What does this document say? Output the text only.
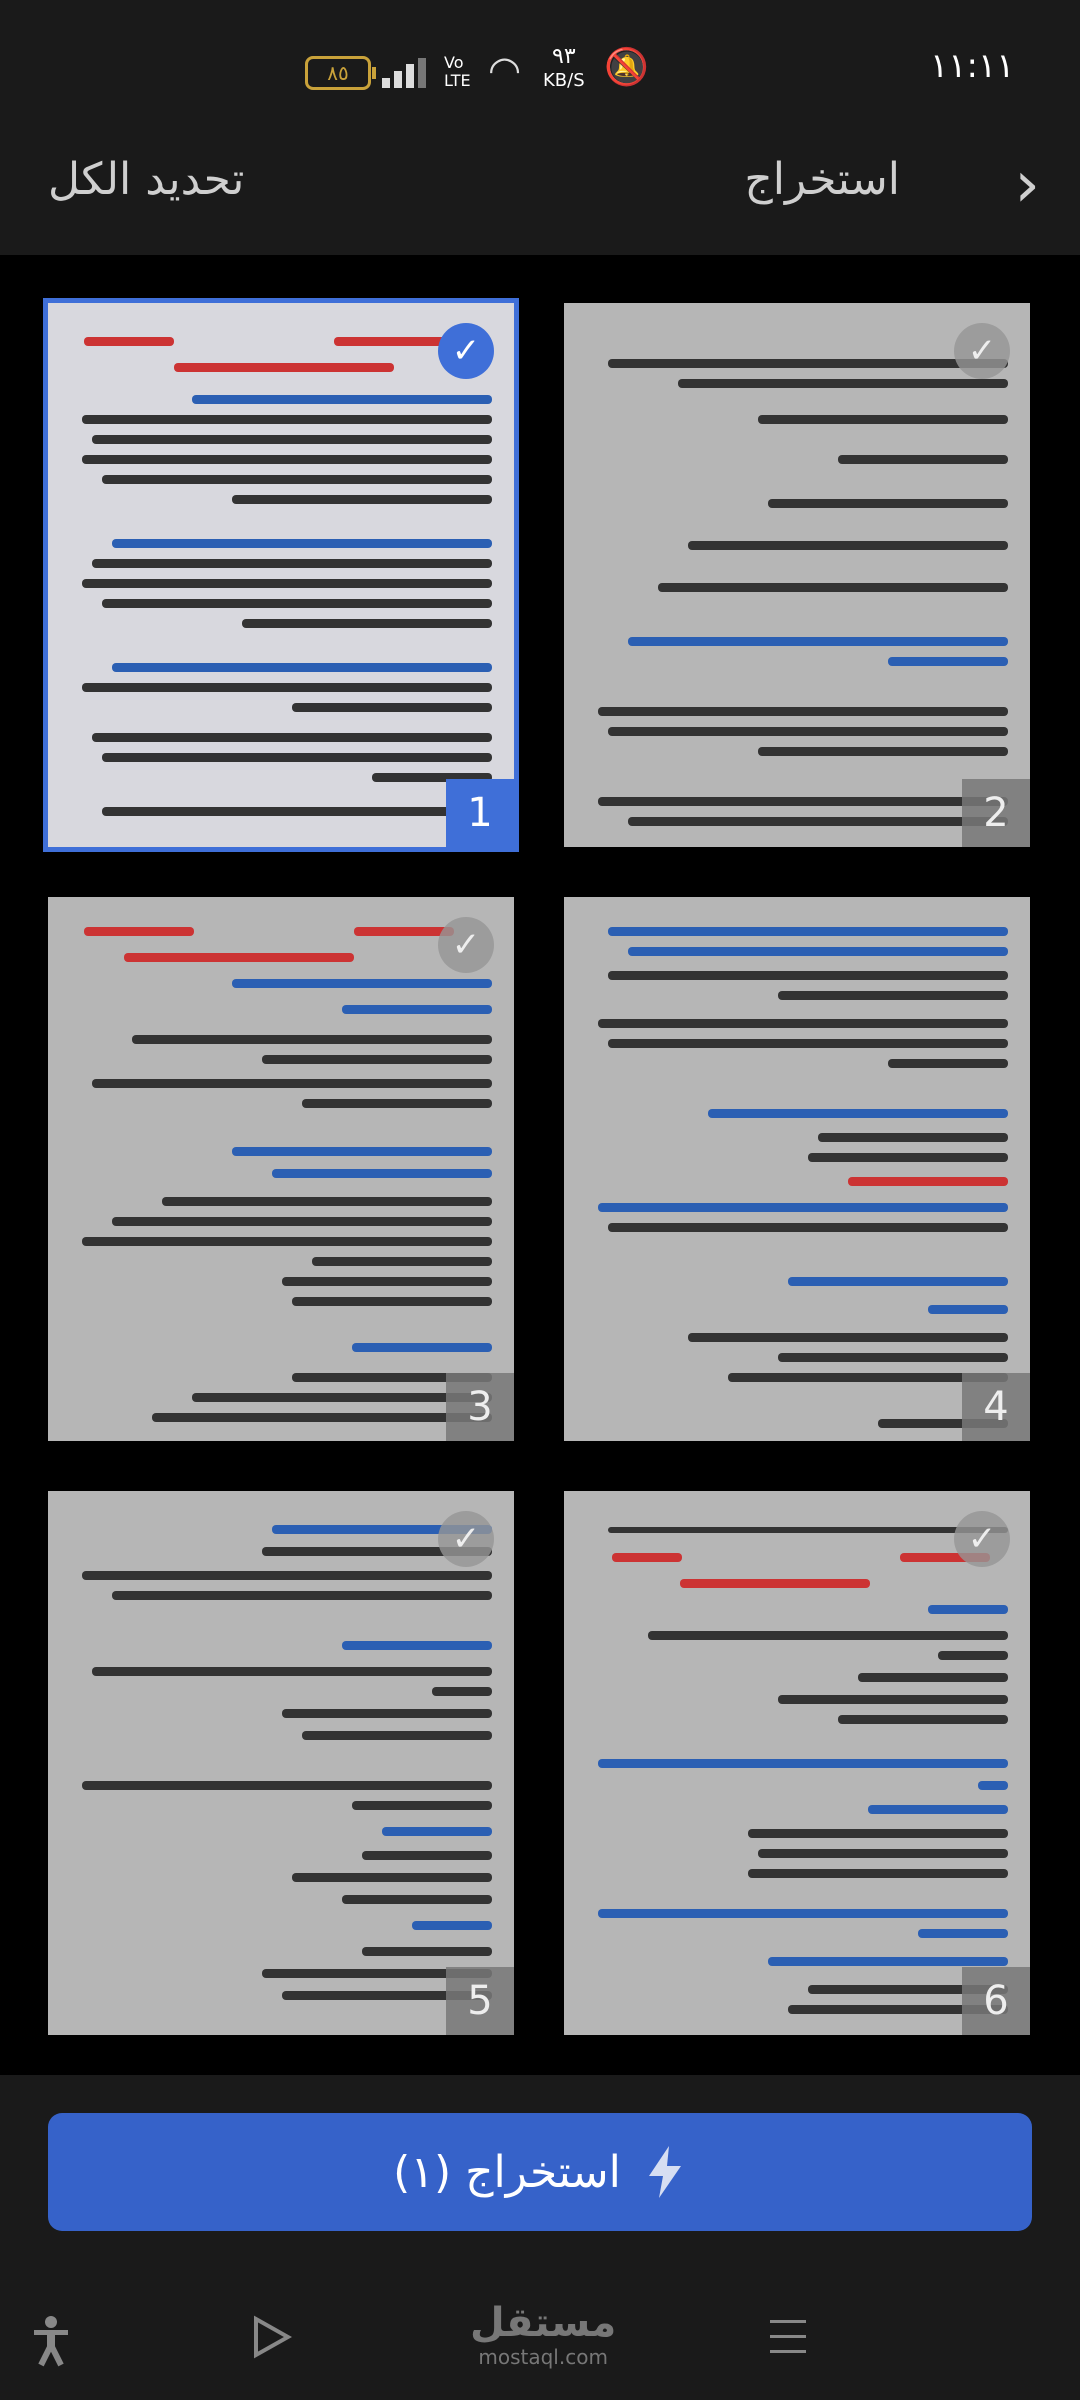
٨٥	Vo LTE ◠ ٩٣
KB/S 🔕	١١:١١
تحديد الكل	استخراج ›
✓
1
✓
2
✓
3	4
✓
5
✓
6
استخراج (١)
مستقل
mostaql.com
